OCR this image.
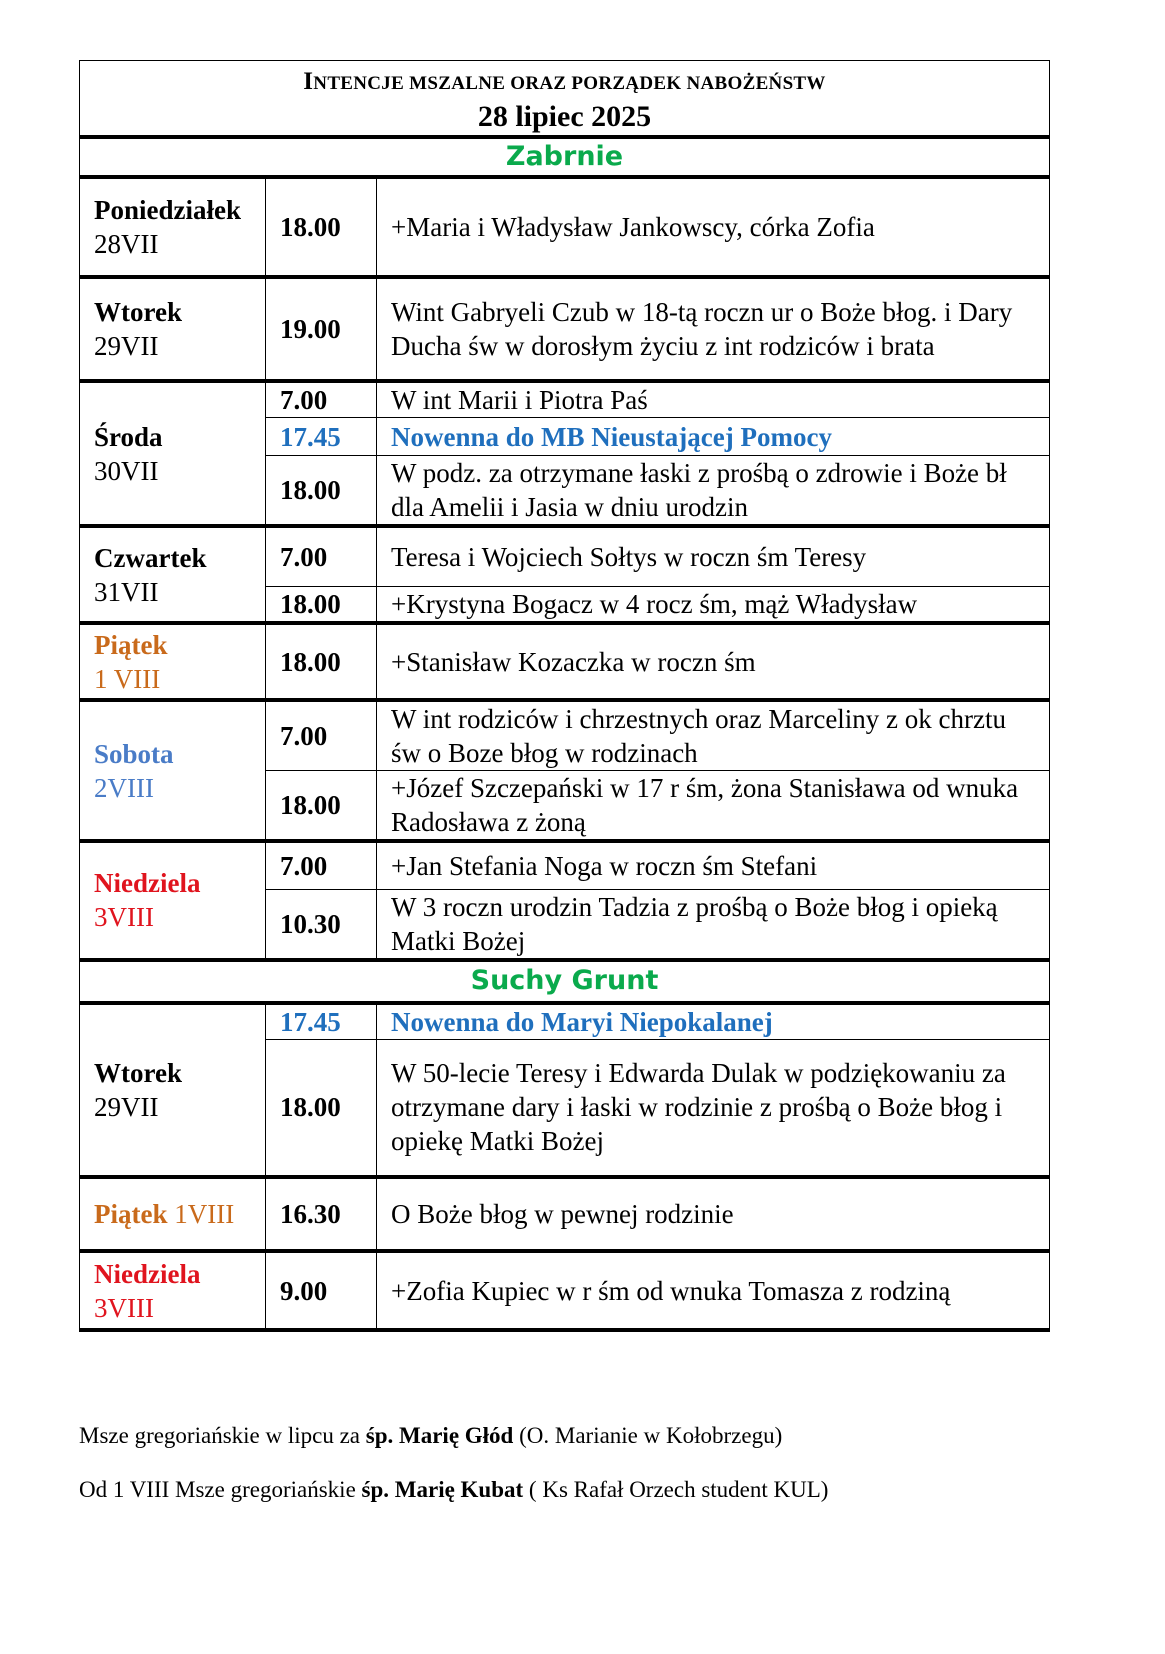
INTENCJE MSZALNE ORAZ PORZĄDEK NABOŻEŃSTW
28 lipiec 2025		

Zabrnie		

Poniedziałek
28VII	18.00	+Maria i Władysław Jankowscy, córka Zofia

Wtorek
29VII	19.00	Wint Gabryeli Czub w 18-tą roczn ur o Boże błog. i Dary Ducha św w dorosłym życiu z int rodziców i brata

Środa
30VII	7.00	W int Marii i Piotra Paś
	17.45	Nowenna do MB Nieustającej Pomocy
	18.00	W podz. za otrzymane łaski z prośbą o zdrowie i Boże bł dla Amelii i Jasia w dniu urodzin

Czwartek
31VII	7.00	Teresa i Wojciech Sołtys w roczn śm Teresy
	18.00	+Krystyna Bogacz w 4 rocz śm, mąż Władysław

Piątek
1 VIII	18.00	+Stanisław Kozaczka w roczn śm

Sobota
2VIII	7.00	W int rodziców i chrzestnych oraz Marceliny z ok chrztu św o Boze błog w rodzinach
	18.00	+Józef Szczepański w 17 r śm, żona Stanisława od wnuka Radosława z żoną

Niedziela
3VIII	7.00	+Jan Stefania Noga w roczn śm Stefani
	10.30	W 3 roczn urodzin Tadzia z prośbą o Boże błog i opieką Matki Bożej
Suchy Grunt		

Wtorek
29VII	17.45	Nowenna do Maryi Niepokalanej
	18.00	W 50-lecie Teresy i Edwarda Dulak w podziękowaniu za otrzymane dary i łaski w rodzinie z prośbą o Boże błog i opiekę Matki Bożej
Piątek 1VIII	16.30	O Boże błog w pewnej rodzinie

Niedziela
3VIII	9.00	+Zofia Kupiec w r śm od wnuka Tomasza z rodziną

Msze gregoriańskie w lipcu za śp. Marię Głód (O. Marianie w Kołobrzegu)

Od 1 VIII Msze gregoriańskie śp. Marię Kubat ( Ks Rafał Orzech student KUL)
